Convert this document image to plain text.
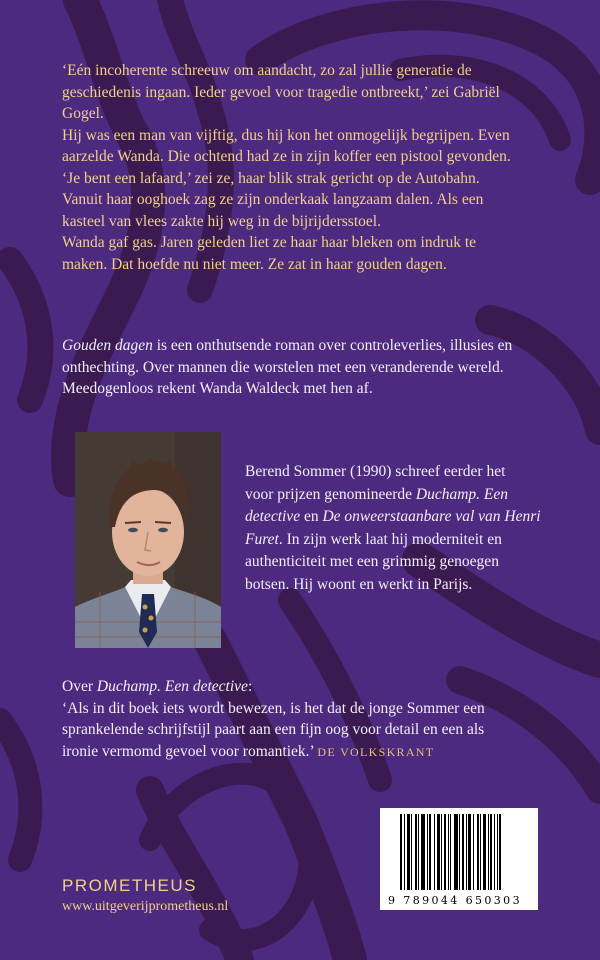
‘Eén incoherente schreeuw om aandacht, zo zal jullie generatie de
geschiedenis ingaan. Ieder gevoel voor tragedie ontbreekt,’ zei Gabriël
Gogel.
Hij was een man van vijftig, dus hij kon het onmogelijk begrijpen. Even
aarzelde Wanda. Die ochtend had ze in zijn koffer een pistool gevonden.
‘Je bent een lafaard,’ zei ze, haar blik strak gericht op de Autobahn.
Vanuit haar ooghoek zag ze zijn onderkaak langzaam dalen. Als een
kasteel van vlees zakte hij weg in de bijrijdersstoel.
Wanda gaf gas. Jaren geleden liet ze haar haar bleken om indruk te
maken. Dat hoefde nu niet meer. Ze zat in haar gouden dagen.
Gouden dagen is een onthutsende roman over controleverlies, illusies en
onthechting. Over mannen die worstelen met een veranderende wereld.
Meedogenloos rekent Wanda Waldeck met hen af.
Berend Sommer (1990) schreef eerder het
voor prijzen genomineerde Duchamp. Een
detective en De onweerstaanbare val van Henri
Furet. In zijn werk laat hij moderniteit en
authenticiteit met een grimmig genoegen
botsen. Hij woont en werkt in Parijs.
Over Duchamp. Een detective:
‘Als in dit boek iets wordt bewezen, is het dat de jonge Sommer een
sprankelende schrijfstijl paart aan een fijn oog voor detail en een als
ironie vermomd gevoel voor romantiek.’ DE VOLKSKRANT
PROMETHEUS
www.uitgeverijprometheus.nl	9 789044 650303
